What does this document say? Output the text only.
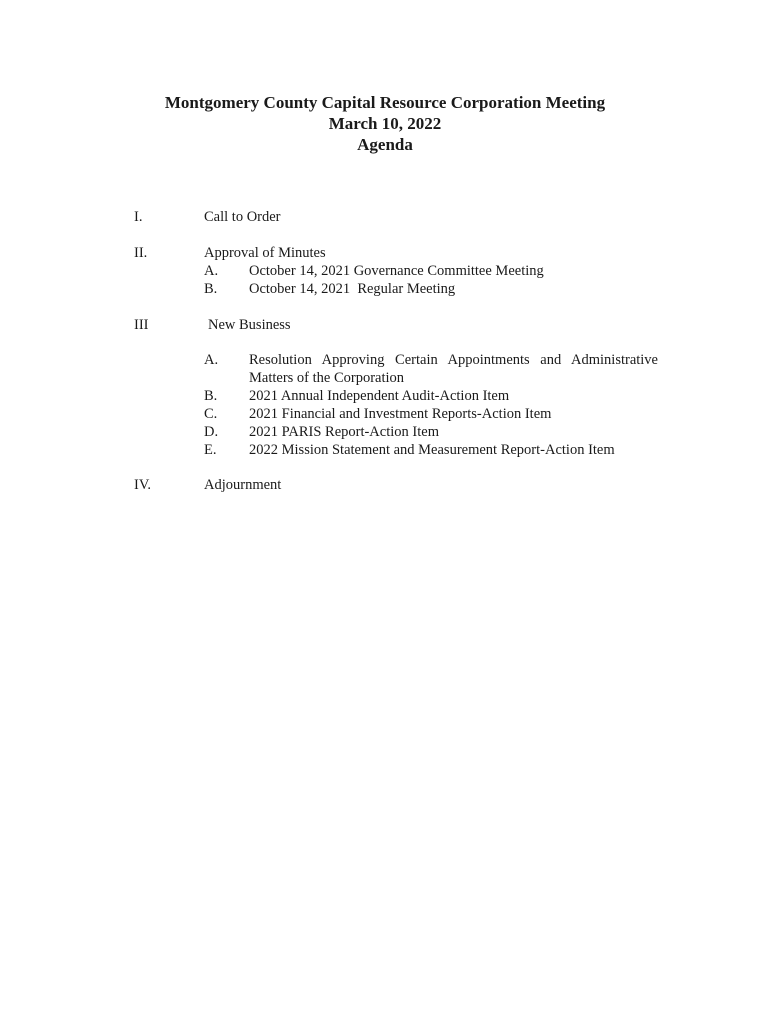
Montgomery County Capital Resource Corporation Meeting
March 10, 2022
Agenda
I.	Call to Order
II.	Approval of Minutes
A. October 14, 2021 Governance Committee Meeting
B. October 14, 2021  Regular Meeting
III	New Business
A. Resolution Approving Certain Appointments and Administrative Matters of the Corporation
B. 2021 Annual Independent Audit-Action Item
C. 2021 Financial and Investment Reports-Action Item
D. 2021 PARIS Report-Action Item
E. 2022 Mission Statement and Measurement Report-Action Item
IV.	Adjournment
